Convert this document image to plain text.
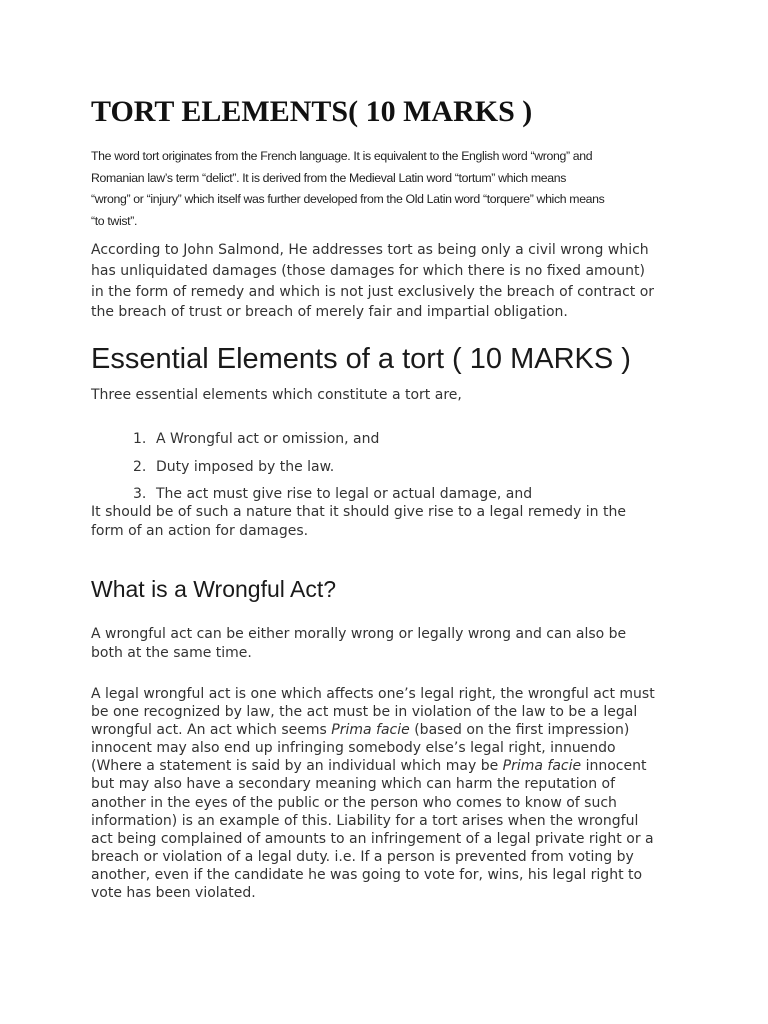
TORT ELEMENTS( 10 MARKS )

The word tort originates from the French language. It is equivalent to the English word “wrong” and
Romanian law’s term “delict”. It is derived from the Medieval Latin word “tortum” which means
“wrong” or “injury” which itself was further developed from the Old Latin word “torquere” which means
“to twist”.

According to John Salmond, He addresses tort as being only a civil wrong which
has unliquidated damages (those damages for which there is no fixed amount)
in the form of remedy and which is not just exclusively the breach of contract or
the breach of trust or breach of merely fair and impartial obligation.

Essential Elements of a tort ( 10 MARKS )

Three essential elements which constitute a tort are,

1. A Wrongful act or omission, and
2. Duty imposed by the law.
3. The act must give rise to legal or actual damage, and

It should be of such a nature that it should give rise to a legal remedy in the
form of an action for damages.

What is a Wrongful Act?

A wrongful act can be either morally wrong or legally wrong and can also be
both at the same time.

A legal wrongful act is one which affects one’s legal right, the wrongful act must
be one recognized by law, the act must be in violation of the law to be a legal
wrongful act. An act which seems Prima facie (based on the first impression)
innocent may also end up infringing somebody else’s legal right, innuendo
(Where a statement is said by an individual which may be Prima facie innocent
but may also have a secondary meaning which can harm the reputation of
another in the eyes of the public or the person who comes to know of such
information) is an example of this. Liability for a tort arises when the wrongful
act being complained of amounts to an infringement of a legal private right or a
breach or violation of a legal duty. i.e. If a person is prevented from voting by
another, even if the candidate he was going to vote for, wins, his legal right to
vote has been violated.
